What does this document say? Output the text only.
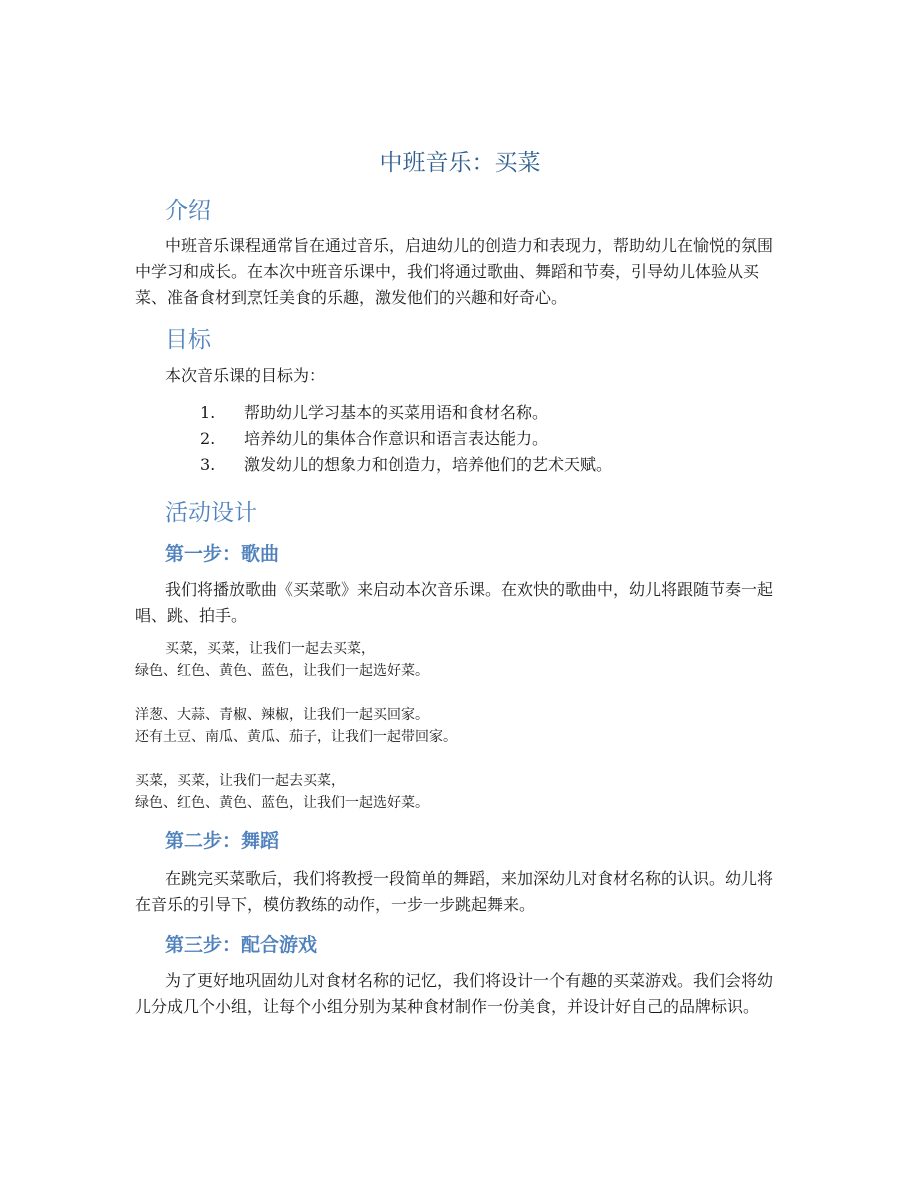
中班音乐：买菜
介绍

中班音乐课程通常旨在通过音乐，启迪幼儿的创造力和表现力，帮助幼儿在愉悦的氛围中学习和成长。在本次中班音乐课中，我们将通过歌曲、舞蹈和节奏，引导幼儿体验从买菜、准备食材到烹饪美食的乐趣，激发他们的兴趣和好奇心。

目标

本次音乐课的目标为：

1. 帮助幼儿学习基本的买菜用语和食材名称。
2. 培养幼儿的集体合作意识和语言表达能力。
3. 激发幼儿的想象力和创造力，培养他们的艺术天赋。
活动设计
第一步：歌曲

我们将播放歌曲《买菜歌》来启动本次音乐课。在欢快的歌曲中，幼儿将跟随节奏一起唱、跳、拍手。

买菜，买菜，让我们一起去买菜，
绿色、红色、黄色、蓝色，让我们一起选好菜。
洋葱、大蒜、青椒、辣椒，让我们一起买回家。
还有土豆、南瓜、黄瓜、茄子，让我们一起带回家。
买菜，买菜，让我们一起去买菜，
绿色、红色、黄色、蓝色，让我们一起选好菜。
第二步：舞蹈

在跳完买菜歌后，我们将教授一段简单的舞蹈，来加深幼儿对食材名称的认识。幼儿将在音乐的引导下，模仿教练的动作，一步一步跳起舞来。

第三步：配合游戏

为了更好地巩固幼儿对食材名称的记忆，我们将设计一个有趣的买菜游戏。我们会将幼儿分成几个小组，让每个小组分别为某种食材制作一份美食，并设计好自己的品牌标识。
